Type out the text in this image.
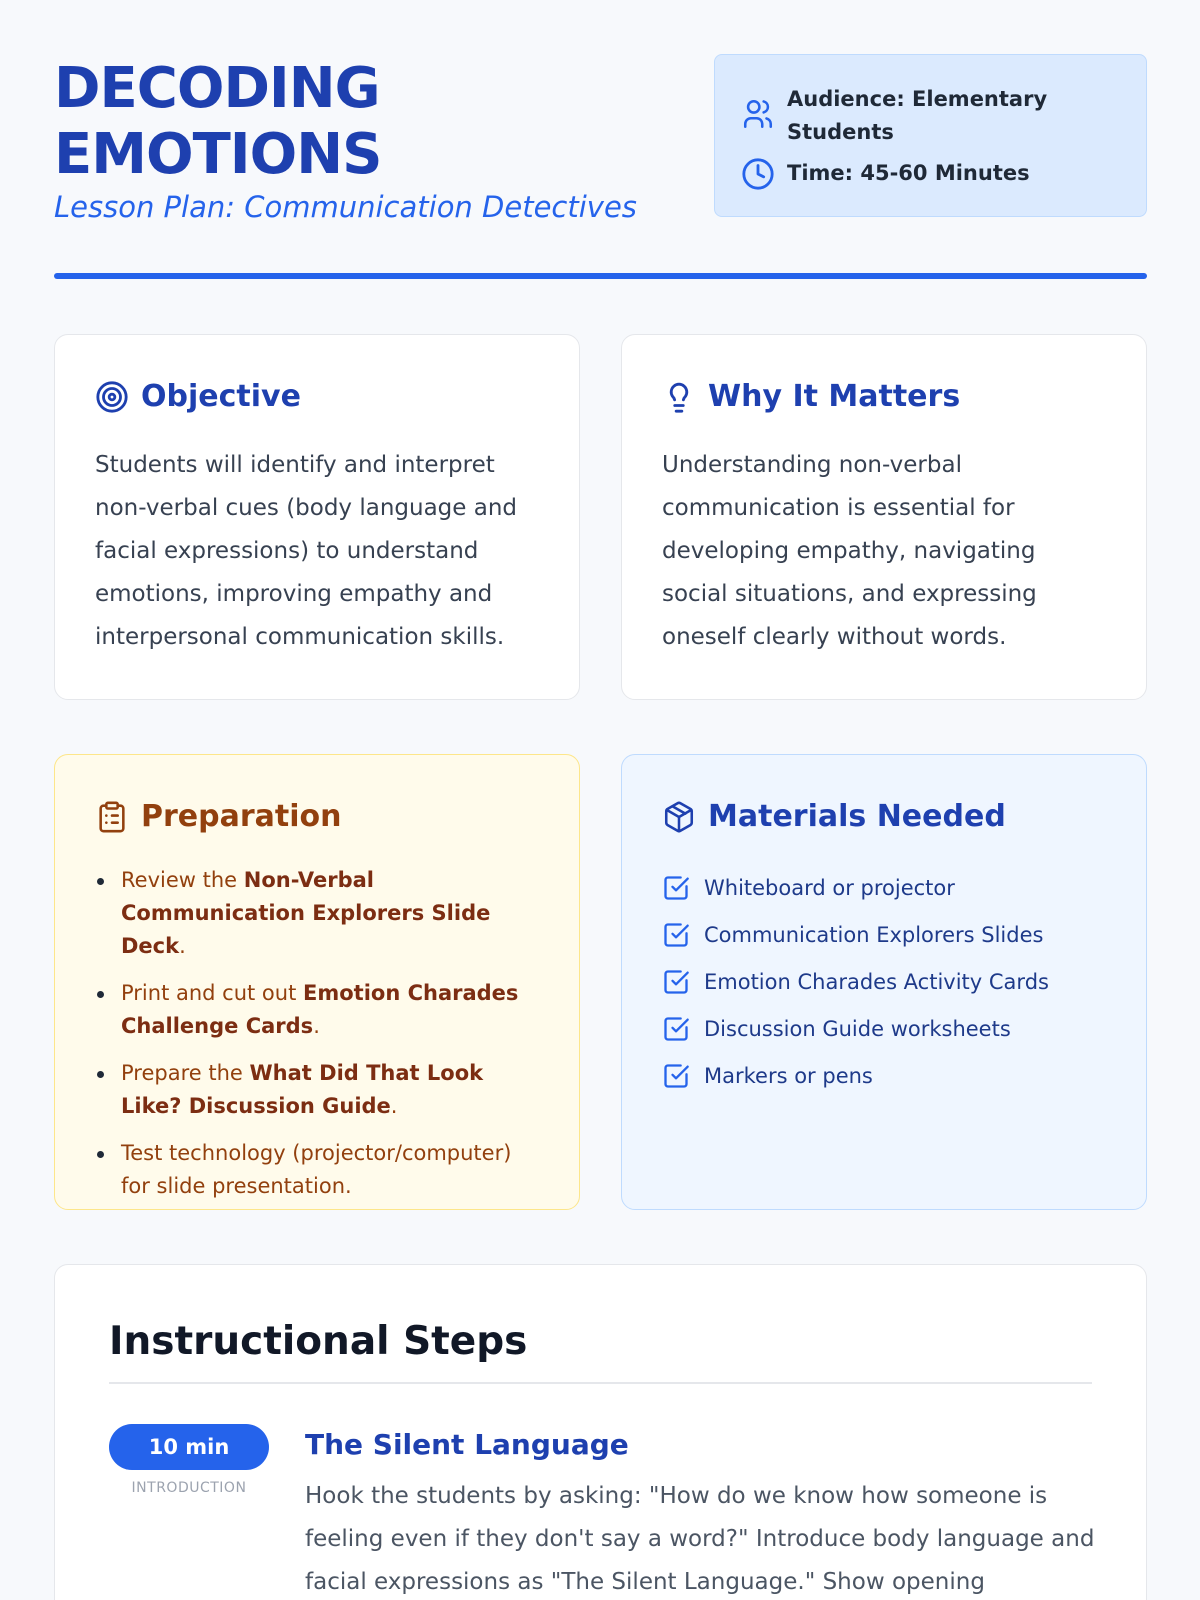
DECODING
EMOTIONS
Lesson Plan: Communication Detectives
Audience: Elementary Students
Time: 45-60 Minutes
Objective
Students will identify and interpret non-verbal cues (body language and facial expressions) to understand emotions, improving empathy and interpersonal communication skills.
Why It Matters
Understanding non-verbal communication is essential for developing empathy, navigating social situations, and expressing oneself clearly without words.
Preparation
Review the Non-Verbal Communication Explorers Slide Deck.
Print and cut out Emotion Charades Challenge Cards.
Prepare the What Did That Look Like? Discussion Guide.
Test technology (projector/computer) for slide presentation.
Materials Needed
Whiteboard or projector
Communication Explorers Slides
Emotion Charades Activity Cards
Discussion Guide worksheets
Markers or pens
Instructional Steps
10 min
INTRODUCTION
The Silent Language
Hook the students by asking: "How do we know how someone is feeling even if they don't say a word?" Introduce body language and facial expressions as "The Silent Language." Show opening
